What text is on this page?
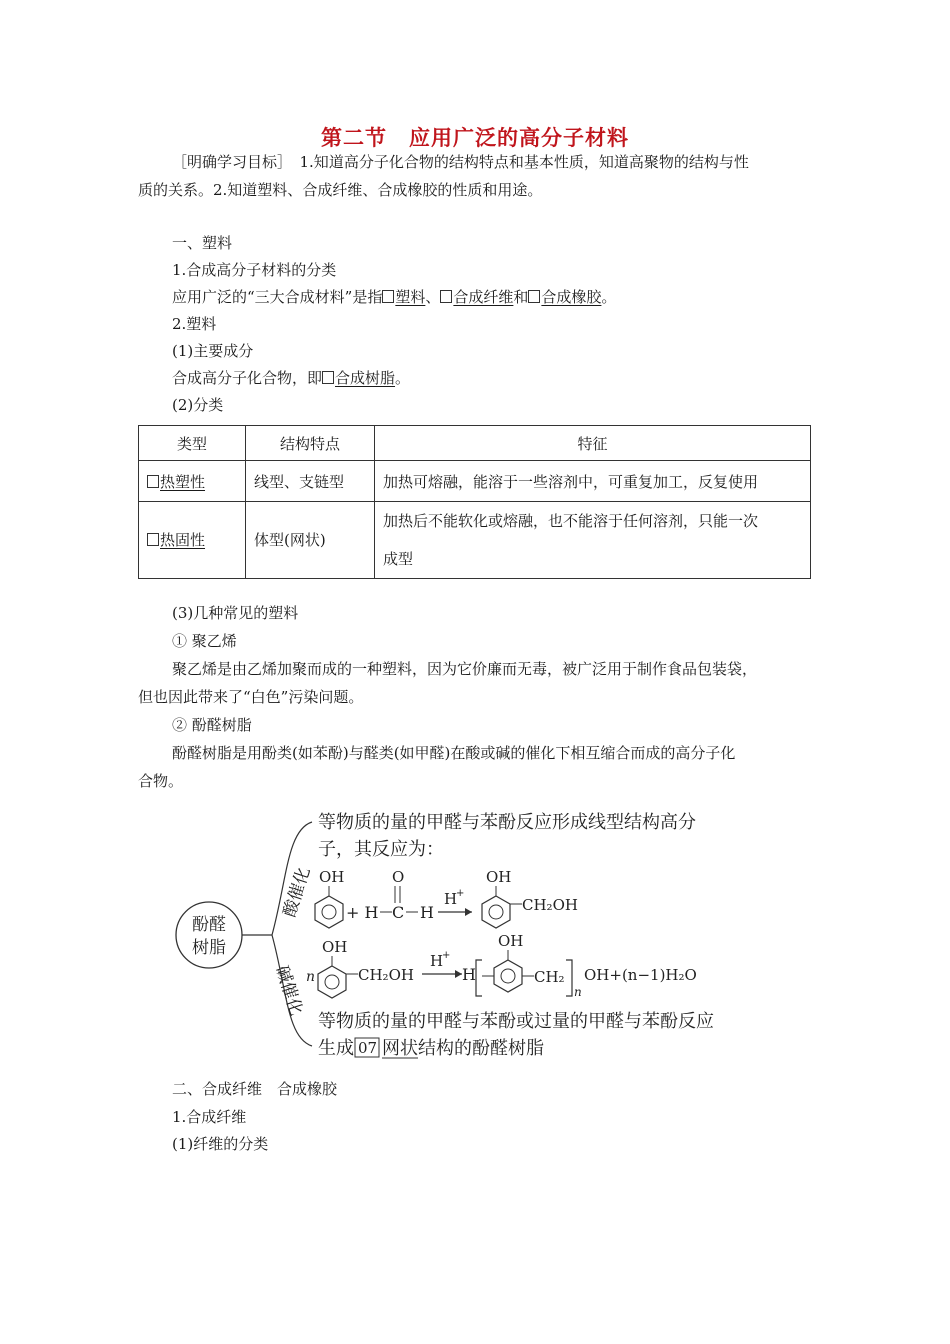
第二节　应用广泛的高分子材料
［明确学习目标］　1.知道高分子化合物的结构特点和基本性质，知道高聚物的结构与性
质的关系。2.知道塑料、合成纤维、合成橡胶的性质和用途。
一、塑料
1.合成高分子材料的分类
应用广泛的“三大合成材料”是指 塑料、 合成纤维和 合成橡胶。
2.塑料
(1)主要成分
合成高分子化合物，即 合成树脂。
(2)分类
类型	结构特点	特征
热塑性	线型、支链型	加热可熔融，能溶于一些溶剂中，可重复加工，反复使用
热固性	体型(网状)	加热后不能软化或熔融，也不能溶于任何溶剂，只能一次
成型
(3)几种常见的塑料
① 聚乙烯
聚乙烯是由乙烯加聚而成的一种塑料，因为它价廉而无毒，被广泛用于制作食品包装袋，
但也因此带来了“白色”污染问题。
② 酚醛树脂
酚醛树脂是用酚类(如苯酚)与醛类(如甲醛)在酸或碱的催化下相互缩合而成的高分子化
合物。
酚醛
树脂
酸催化
碱催化
等物质的量的甲醛与苯酚反应形成线型结构高分
子，其反应为：
OH
+ H C
O
H
H
+
OH
CH₂OH
n
OH
CH₂OH
H
+
H
OH
CH₂
n
OH+(n−1)H₂O
等物质的量的甲醛与苯酚或过量的甲醛与苯酚反应
生成 07 网状 结构的酚醛树脂
二、合成纤维　合成橡胶
1.合成纤维
(1)纤维的分类
